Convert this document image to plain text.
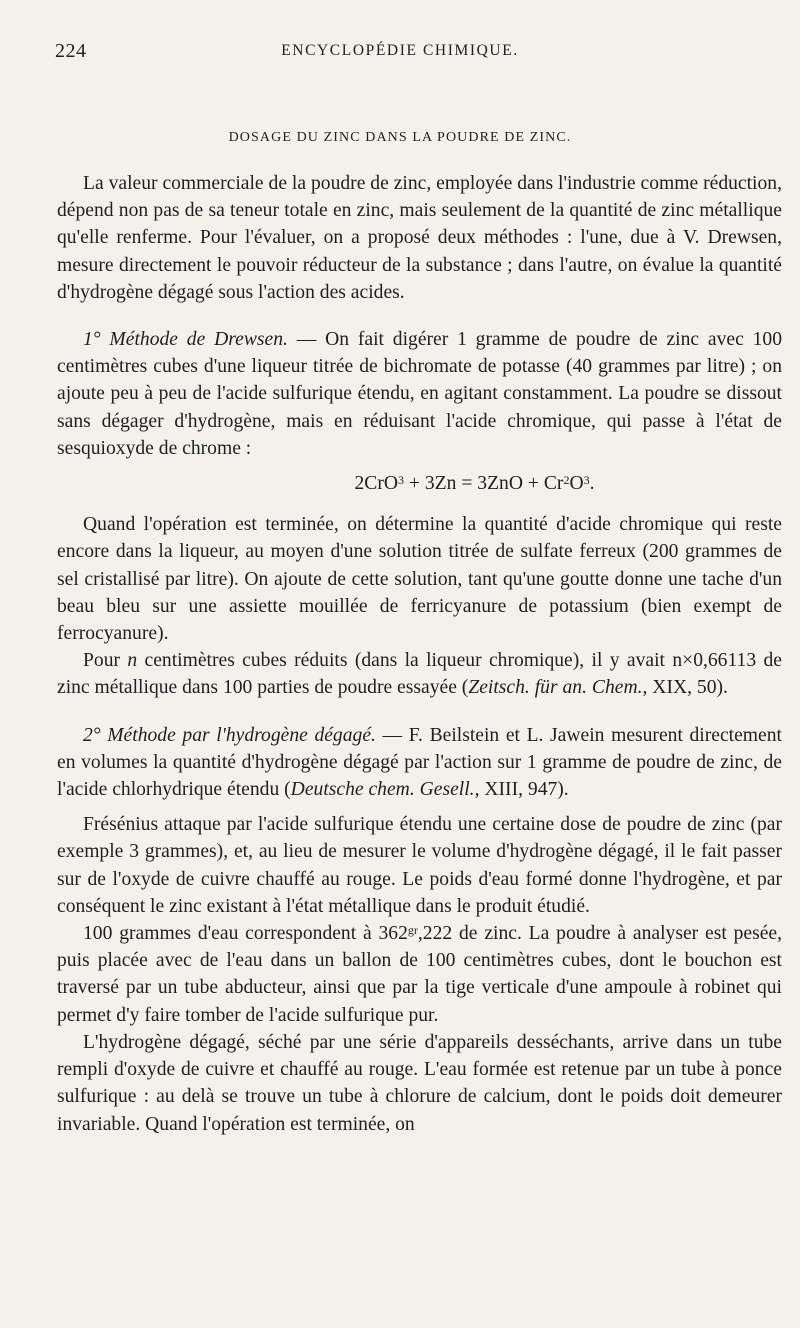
224	ENCYCLOPÉDIE CHIMIQUE.
DOSAGE DU ZINC DANS LA POUDRE DE ZINC.

La valeur commerciale de la poudre de zinc, employée dans l'industrie comme réduction, dépend non pas de sa teneur totale en zinc, mais seulement de la quantité de zinc métallique qu'elle renferme. Pour l'évaluer, on a proposé deux méthodes : l'une, due à V. Drewsen, mesure directement le pouvoir réducteur de la substance ; dans l'autre, on évalue la quantité d'hydrogène dégagé sous l'action des acides.

1° Méthode de Drewsen. — On fait digérer 1 gramme de poudre de zinc avec 100 centimètres cubes d'une liqueur titrée de bichromate de potasse (40 grammes par litre) ; on ajoute peu à peu de l'acide sulfurique étendu, en agitant constamment. La poudre se dissout sans dégager d'hydrogène, mais en réduisant l'acide chromique, qui passe à l'état de sesquioxyde de chrome :

$2CrO^3 + 3Zn = 3ZnO + Cr^2O^3$.

Quand l'opération est terminée, on détermine la quantité d'acide chromique qui reste encore dans la liqueur, au moyen d'une solution titrée de sulfate ferreux (200 grammes de sel cristallisé par litre). On ajoute de cette solution, tant qu'une goutte donne une tache d'un beau bleu sur une assiette mouillée de ferricyanure de potassium (bien exempt de ferrocyanure).

Pour n centimètres cubes réduits (dans la liqueur chromique), il y avait n×0,66113 de zinc métallique dans 100 parties de poudre essayée (Zeitsch. für an. Chem., XIX, 50).

2° Méthode par l'hydrogène dégagé. — F. Beilstein et L. Jawein mesurent directement en volumes la quantité d'hydrogène dégagé par l'action sur 1 gramme de poudre de zinc, de l'acide chlorhydrique étendu (Deutsche chem. Gesell., XIII, 947).

Frésénius attaque par l'acide sulfurique étendu une certaine dose de poudre de zinc (par exemple 3 grammes), et, au lieu de mesurer le volume d'hydrogène dégagé, il le fait passer sur de l'oxyde de cuivre chauffé au rouge. Le poids d'eau formé donne l'hydrogène, et par conséquent le zinc existant à l'état métallique dans le produit étudié.

100 grammes d'eau correspondent à $362^{gr},222$ de zinc. La poudre à analyser est pesée, puis placée avec de l'eau dans un ballon de 100 centimètres cubes, dont le bouchon est traversé par un tube abducteur, ainsi que par la tige verticale d'une ampoule à robinet qui permet d'y faire tomber de l'acide sulfurique pur.

L'hydrogène dégagé, séché par une série d'appareils desséchants, arrive dans un tube rempli d'oxyde de cuivre et chauffé au rouge. L'eau formée est retenue par un tube à ponce sulfurique : au delà se trouve un tube à chlorure de calcium, dont le poids doit demeurer invariable. Quand l'opération est terminée, on
